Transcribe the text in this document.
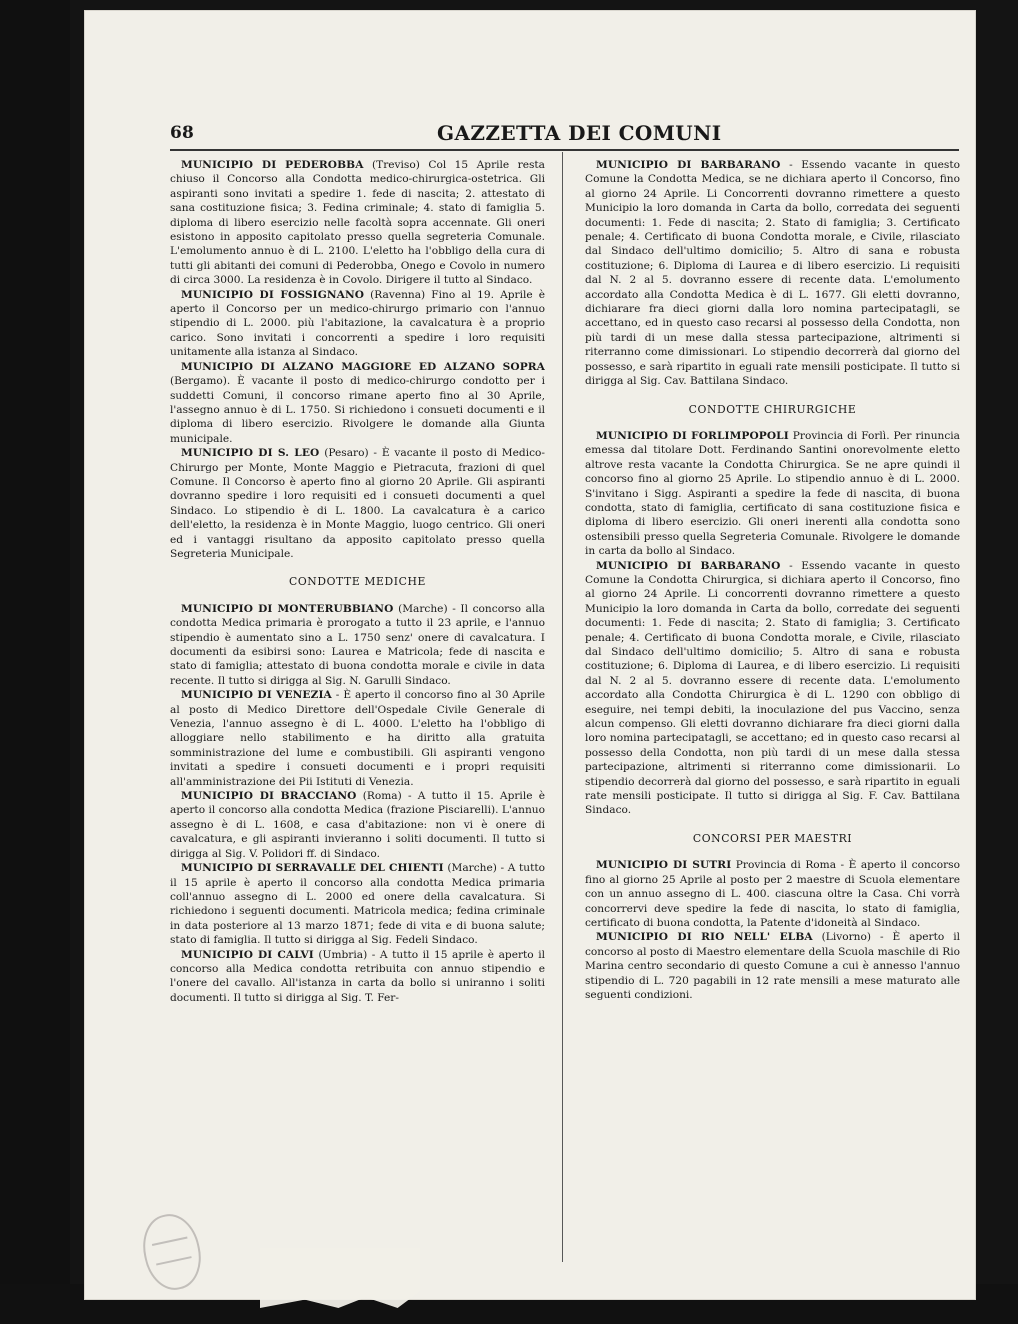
68	GAZZETTA DEI COMUNI

MUNICIPIO DI PEDEROBBA (Treviso) Col 15 Aprile resta chiuso il Concorso alla Condotta medico-chirurgica-ostetrica. Gli aspiranti sono invitati a spedire 1. fede di nascita; 2. attestato di sana costituzione fisica; 3. Fedina criminale; 4. stato di famiglia 5. diploma di libero esercizio nelle facoltà sopra accennate. Gli oneri esistono in apposito capitolato presso quella segreteria Comunale. L'emolumento annuo è di L. 2100. L'eletto ha l'obbligo della cura di tutti gli abitanti dei comuni di Pederobba, Onego e Covolo in numero di circa 3000. La residenza è in Covolo. Dirigere il tutto al Sindaco.

MUNICIPIO DI FOSSIGNANO (Ravenna) Fino al 19. Aprile è aperto il Concorso per un medico-chirurgo primario con l'annuo stipendio di L. 2000. più l'abitazione, la cavalcatura è a proprio carico. Sono invitati i concorrenti a spedire i loro requisiti unitamente alla istanza al Sindaco.

MUNICIPIO DI ALZANO MAGGIORE ED ALZANO SOPRA (Bergamo). È vacante il posto di medico-chirurgo condotto per i suddetti Comuni, il concorso rimane aperto fino al 30 Aprile, l'assegno annuo è di L. 1750. Si richiedono i consueti documenti e il diploma di libero esercizio. Rivolgere le domande alla Giunta municipale.

MUNICIPIO DI S. LEO (Pesaro) - È vacante il posto di Medico-Chirurgo per Monte, Monte Maggio e Pietracuta, frazioni di quel Comune. Il Concorso è aperto fino al giorno 20 Aprile. Gli aspiranti dovranno spedire i loro requisiti ed i consueti documenti a quel Sindaco. Lo stipendio è di L. 1800. La cavalcatura è a carico dell'eletto, la residenza è in Monte Maggio, luogo centrico. Gli oneri ed i vantaggi risultano da apposito capitolato presso quella Segreteria Municipale.

CONDOTTE MEDICHE

MUNICIPIO DI MONTERUBBIANO (Marche) - Il concorso alla condotta Medica primaria è prorogato a tutto il 23 aprile, e l'annuo stipendio è aumentato sino a L. 1750 senz' onere di cavalcatura. I documenti da esibirsi sono: Laurea e Matricola; fede di nascita e stato di famiglia; attestato di buona condotta morale e civile in data recente. Il tutto si dirigga al Sig. N. Garulli Sindaco.

MUNICIPIO DI VENEZIA - È aperto il concorso fino al 30 Aprile al posto di Medico Direttore dell'Ospedale Civile Generale di Venezia, l'annuo assegno è di L. 4000. L'eletto ha l'obbligo di alloggiare nello stabilimento e ha diritto alla gratuita somministrazione del lume e combustibili. Gli aspiranti vengono invitati a spedire i consueti documenti e i propri requisiti all'amministrazione dei Pii Istituti di Venezia.

MUNICIPIO DI BRACCIANO (Roma) - A tutto il 15. Aprile è aperto il concorso alla condotta Medica (frazione Pisciarelli). L'annuo assegno è di L. 1608, e casa d'abitazione: non vi è onere di cavalcatura, e gli aspiranti invieranno i soliti documenti. Il tutto si dirigga al Sig. V. Polidori ff. di Sindaco.

MUNICIPIO DI SERRAVALLE DEL CHIENTI (Marche) - A tutto il 15 aprile è aperto il concorso alla condotta Medica primaria coll'annuo assegno di L. 2000 ed onere della cavalcatura. Si richiedono i seguenti documenti. Matricola medica; fedina criminale in data posteriore al 13 marzo 1871; fede di vita e di buona salute; stato di famiglia. Il tutto si dirigga al Sig. Fedeli Sindaco.

MUNICIPIO DI CALVI (Umbria) - A tutto il 15 aprile è aperto il concorso alla Medica condotta retribuita con annuo stipendio e l'onere del cavallo. All'istanza in carta da bollo si uniranno i soliti documenti. Il tutto si dirigga al Sig. T. Fer-

MUNICIPIO DI BARBARANO - Essendo vacante in questo Comune la Condotta Medica, se ne dichiara aperto il Concorso, fino al giorno 24 Aprile. Li Concorrenti dovranno rimettere a questo Municipio la loro domanda in Carta da bollo, corredata dei seguenti documenti: 1. Fede di nascita; 2. Stato di famiglia; 3. Certificato penale; 4. Certificato di buona Condotta morale, e Civile, rilasciato dal Sindaco dell'ultimo domicilio; 5. Altro di sana e robusta costituzione; 6. Diploma di Laurea e di libero esercizio. Li requisiti dal N. 2 al 5. dovranno essere di recente data. L'emolumento accordato alla Condotta Medica è di L. 1677. Gli eletti dovranno, dichiarare fra dieci giorni dalla loro nomina partecipatagli, se accettano, ed in questo caso recarsi al possesso della Condotta, non più tardi di un mese dalla stessa partecipazione, altrimenti si riterranno come dimissionari. Lo stipendio decorrerà dal giorno del possesso, e sarà ripartito in eguali rate mensili posticipate. Il tutto si dirigga al Sig. Cav. Battilana Sindaco.

CONDOTTE CHIRURGICHE

MUNICIPIO DI FORLIMPOPOLI Provincia di Forlì. Per rinuncia emessa dal titolare Dott. Ferdinando Santini onorevolmente eletto altrove resta vacante la Condotta Chirurgica. Se ne apre quindi il concorso fino al giorno 25 Aprile. Lo stipendio annuo è di L. 2000. S'invitano i Sigg. Aspiranti a spedire la fede di nascita, di buona condotta, stato di famiglia, certificato di sana costituzione fisica e diploma di libero esercizio. Gli oneri inerenti alla condotta sono ostensibili presso quella Segreteria Comunale. Rivolgere le domande in carta da bollo al Sindaco.

MUNICIPIO DI BARBARANO - Essendo vacante in questo Comune la Condotta Chirurgica, si dichiara aperto il Concorso, fino al giorno 24 Aprile. Li concorrenti dovranno rimettere a questo Municipio la loro domanda in Carta da bollo, corredate dei seguenti documenti: 1. Fede di nascita; 2. Stato di famiglia; 3. Certificato penale; 4. Certificato di buona Condotta morale, e Civile, rilasciato dal Sindaco dell'ultimo domicilio; 5. Altro di sana e robusta costituzione; 6. Diploma di Laurea, e di libero esercizio. Li requisiti dal N. 2 al 5. dovranno essere di recente data. L'emolumento accordato alla Condotta Chirurgica è di L. 1290 con obbligo di eseguire, nei tempi debiti, la inoculazione del pus Vaccino, senza alcun compenso. Gli eletti dovranno dichiarare fra dieci giorni dalla loro nomina partecipatagli, se accettano; ed in questo caso recarsi al possesso della Condotta, non più tardi di un mese dalla stessa partecipazione, altrimenti si riterranno come dimissionarii. Lo stipendio decorrerà dal giorno del possesso, e sarà ripartito in eguali rate mensili posticipate. Il tutto si dirigga al Sig. F. Cav. Battilana Sindaco.

CONCORSI PER MAESTRI

MUNICIPIO DI SUTRI Provincia di Roma - È aperto il concorso fino al giorno 25 Aprile al posto per 2 maestre di Scuola elementare con un annuo assegno di L. 400. ciascuna oltre la Casa. Chi vorrà concorrervi deve spedire la fede di nascita, lo stato di famiglia, certificato di buona condotta, la Patente d'idoneità al Sindaco.

MUNICIPIO DI RIO NELL' ELBA (Livorno) - È aperto il concorso al posto di Maestro elementare della Scuola maschile di Rio Marina centro secondario di questo Comune a cui è annesso l'annuo stipendio di L. 720 pagabili in 12 rate mensili a mese maturato alle seguenti condizioni.
